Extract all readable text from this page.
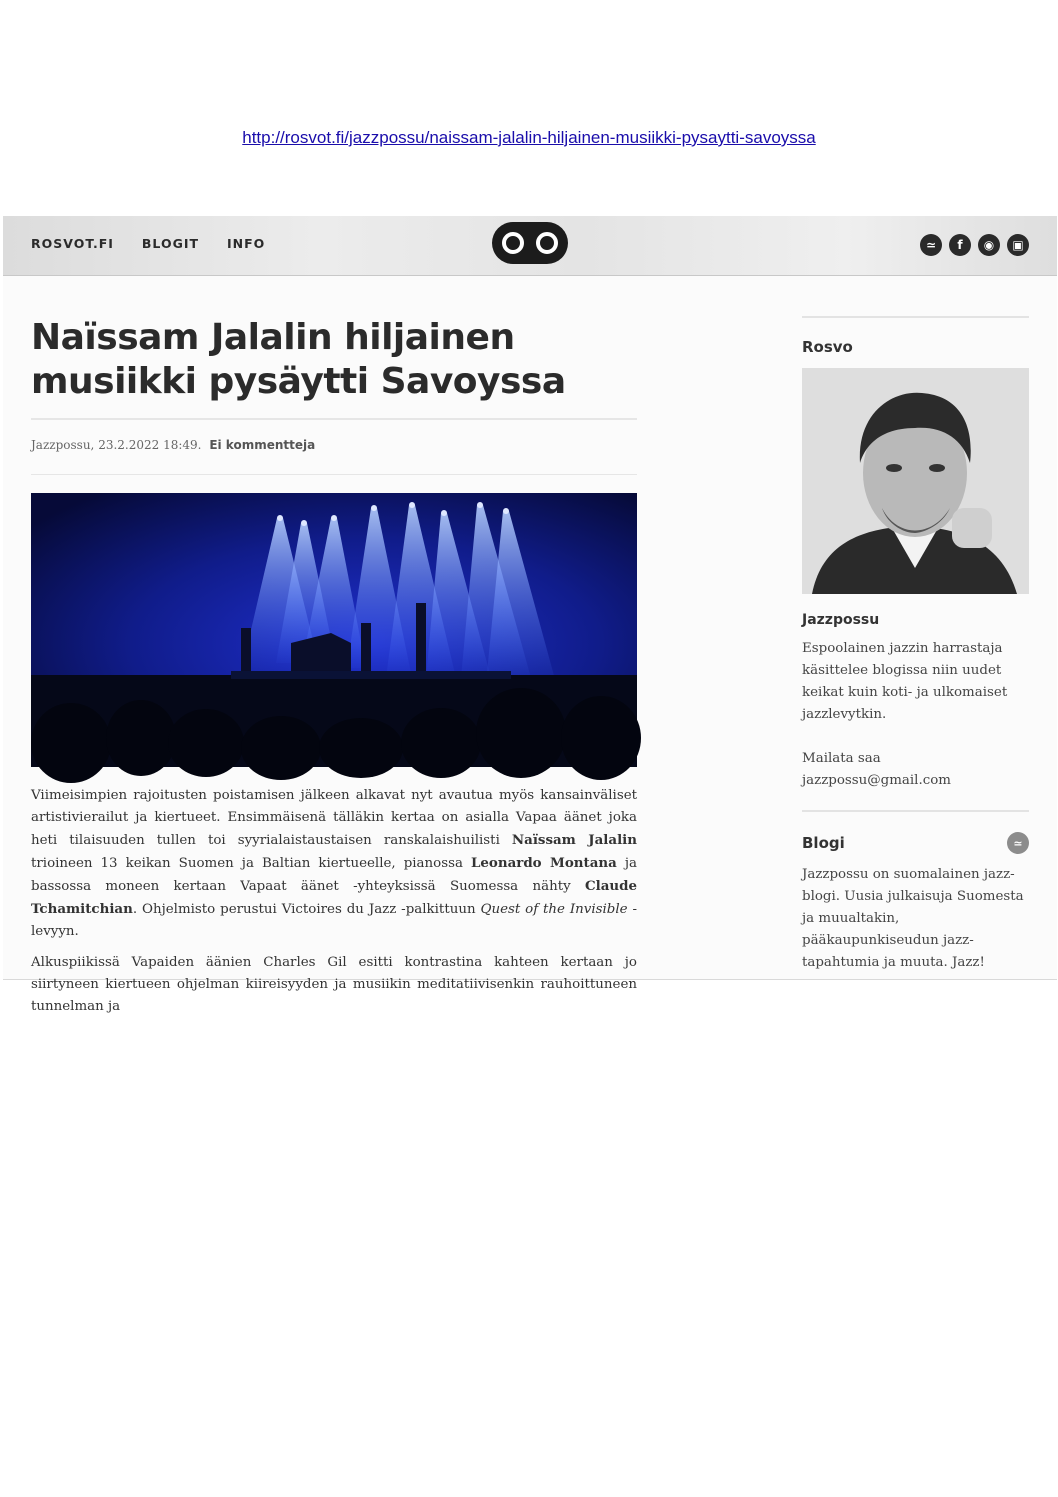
http://rosvot.fi/jazzpossu/naissam-jalalin-hiljainen-musiikki-pysaytti-savoyssa
ROSVOT.FI BLOGIT INFO	≃	f	◉	▣
Naïssam Jalalin hiljainen
musiikki pysäytti Savoyssa
Jazzpossu, 23.2.2022 18:49. Ei kommentteja

Viimeisimpien rajoitusten poistamisen jälkeen alkavat nyt avautua myös kansainväliset artistivierailut ja kiertueet. Ensimmäisenä tälläkin kertaa on asialla Vapaa äänet joka heti tilaisuuden tullen toi syyrialaistaustaisen ranskalaishuilisti Naïssam Jalalin trioineen 13 keikan Suomen ja Baltian kiertueelle, pianossa Leonardo Montana ja bassossa moneen kertaan Vapaat äänet -yhteyksissä Suomessa nähty Claude Tchamitchian. Ohjelmisto perustui Victoires du Jazz -palkittuun Quest of the Invisible -levyyn.

Alkuspiikissä Vapaiden äänien Charles Gil esitti kontrastina kahteen kertaan jo siirtyneen kiertueen ohjelman kiireisyyden ja musiikin meditatiivisenkin rauhoittuneen tunnelman ja

Rosvo
Jazzpossu

Espoolainen jazzin harrastaja käsittelee blogissa niin uudet keikat kuin koti- ja ulkomaiset jazzlevytkin.

Mailata saa jazzpossu@gmail.com

Blogi	≃
Jazzpossu on suomalainen jazz-blogi. Uusia julkaisuja Suomesta ja muualtakin, pääkaupunkiseudun jazz-tapahtumia ja muuta. Jazz!
